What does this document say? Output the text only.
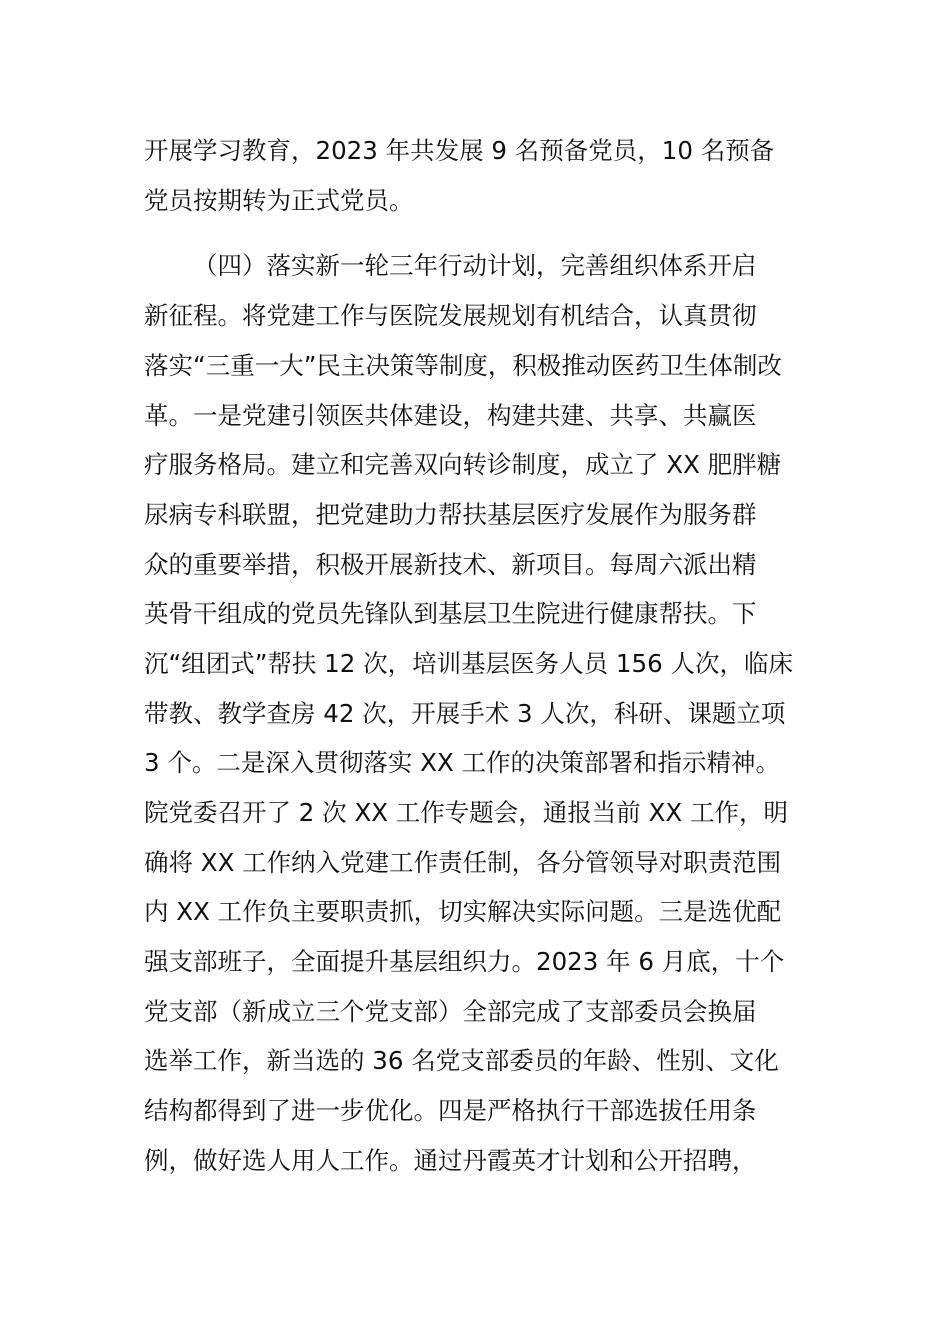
开展学习教育，2023 年共发展 9 名预备党员，10 名预备
党员按期转为正式党员。
（四）落实新一轮三年行动计划，完善组织体系开启
新征程。将党建工作与医院发展规划有机结合，认真贯彻
落实“三重一大”民主决策等制度，积极推动医药卫生体制改
革。一是党建引领医共体建设，构建共建、共享、共赢医
疗服务格局。建立和完善双向转诊制度，成立了 XX 肥胖糖
尿病专科联盟，把党建助力帮扶基层医疗发展作为服务群
众的重要举措，积极开展新技术、新项目。每周六派出精
英骨干组成的党员先锋队到基层卫生院进行健康帮扶。下
沉“组团式”帮扶 12 次，培训基层医务人员 156 人次，临床
带教、教学查房 42 次，开展手术 3 人次，科研、课题立项
3 个。二是深入贯彻落实 XX 工作的决策部署和指示精神。
院党委召开了 2 次 XX 工作专题会，通报当前 XX 工作，明
确将 XX 工作纳入党建工作责任制，各分管领导对职责范围
内 XX 工作负主要职责抓，切实解决实际问题。三是选优配
强支部班子，全面提升基层组织力。2023 年 6 月底，十个
党支部（新成立三个党支部）全部完成了支部委员会换届
选举工作，新当选的 36 名党支部委员的年龄、性别、文化
结构都得到了进一步优化。四是严格执行干部选拔任用条
例，做好选人用人工作。通过丹霞英才计划和公开招聘，
